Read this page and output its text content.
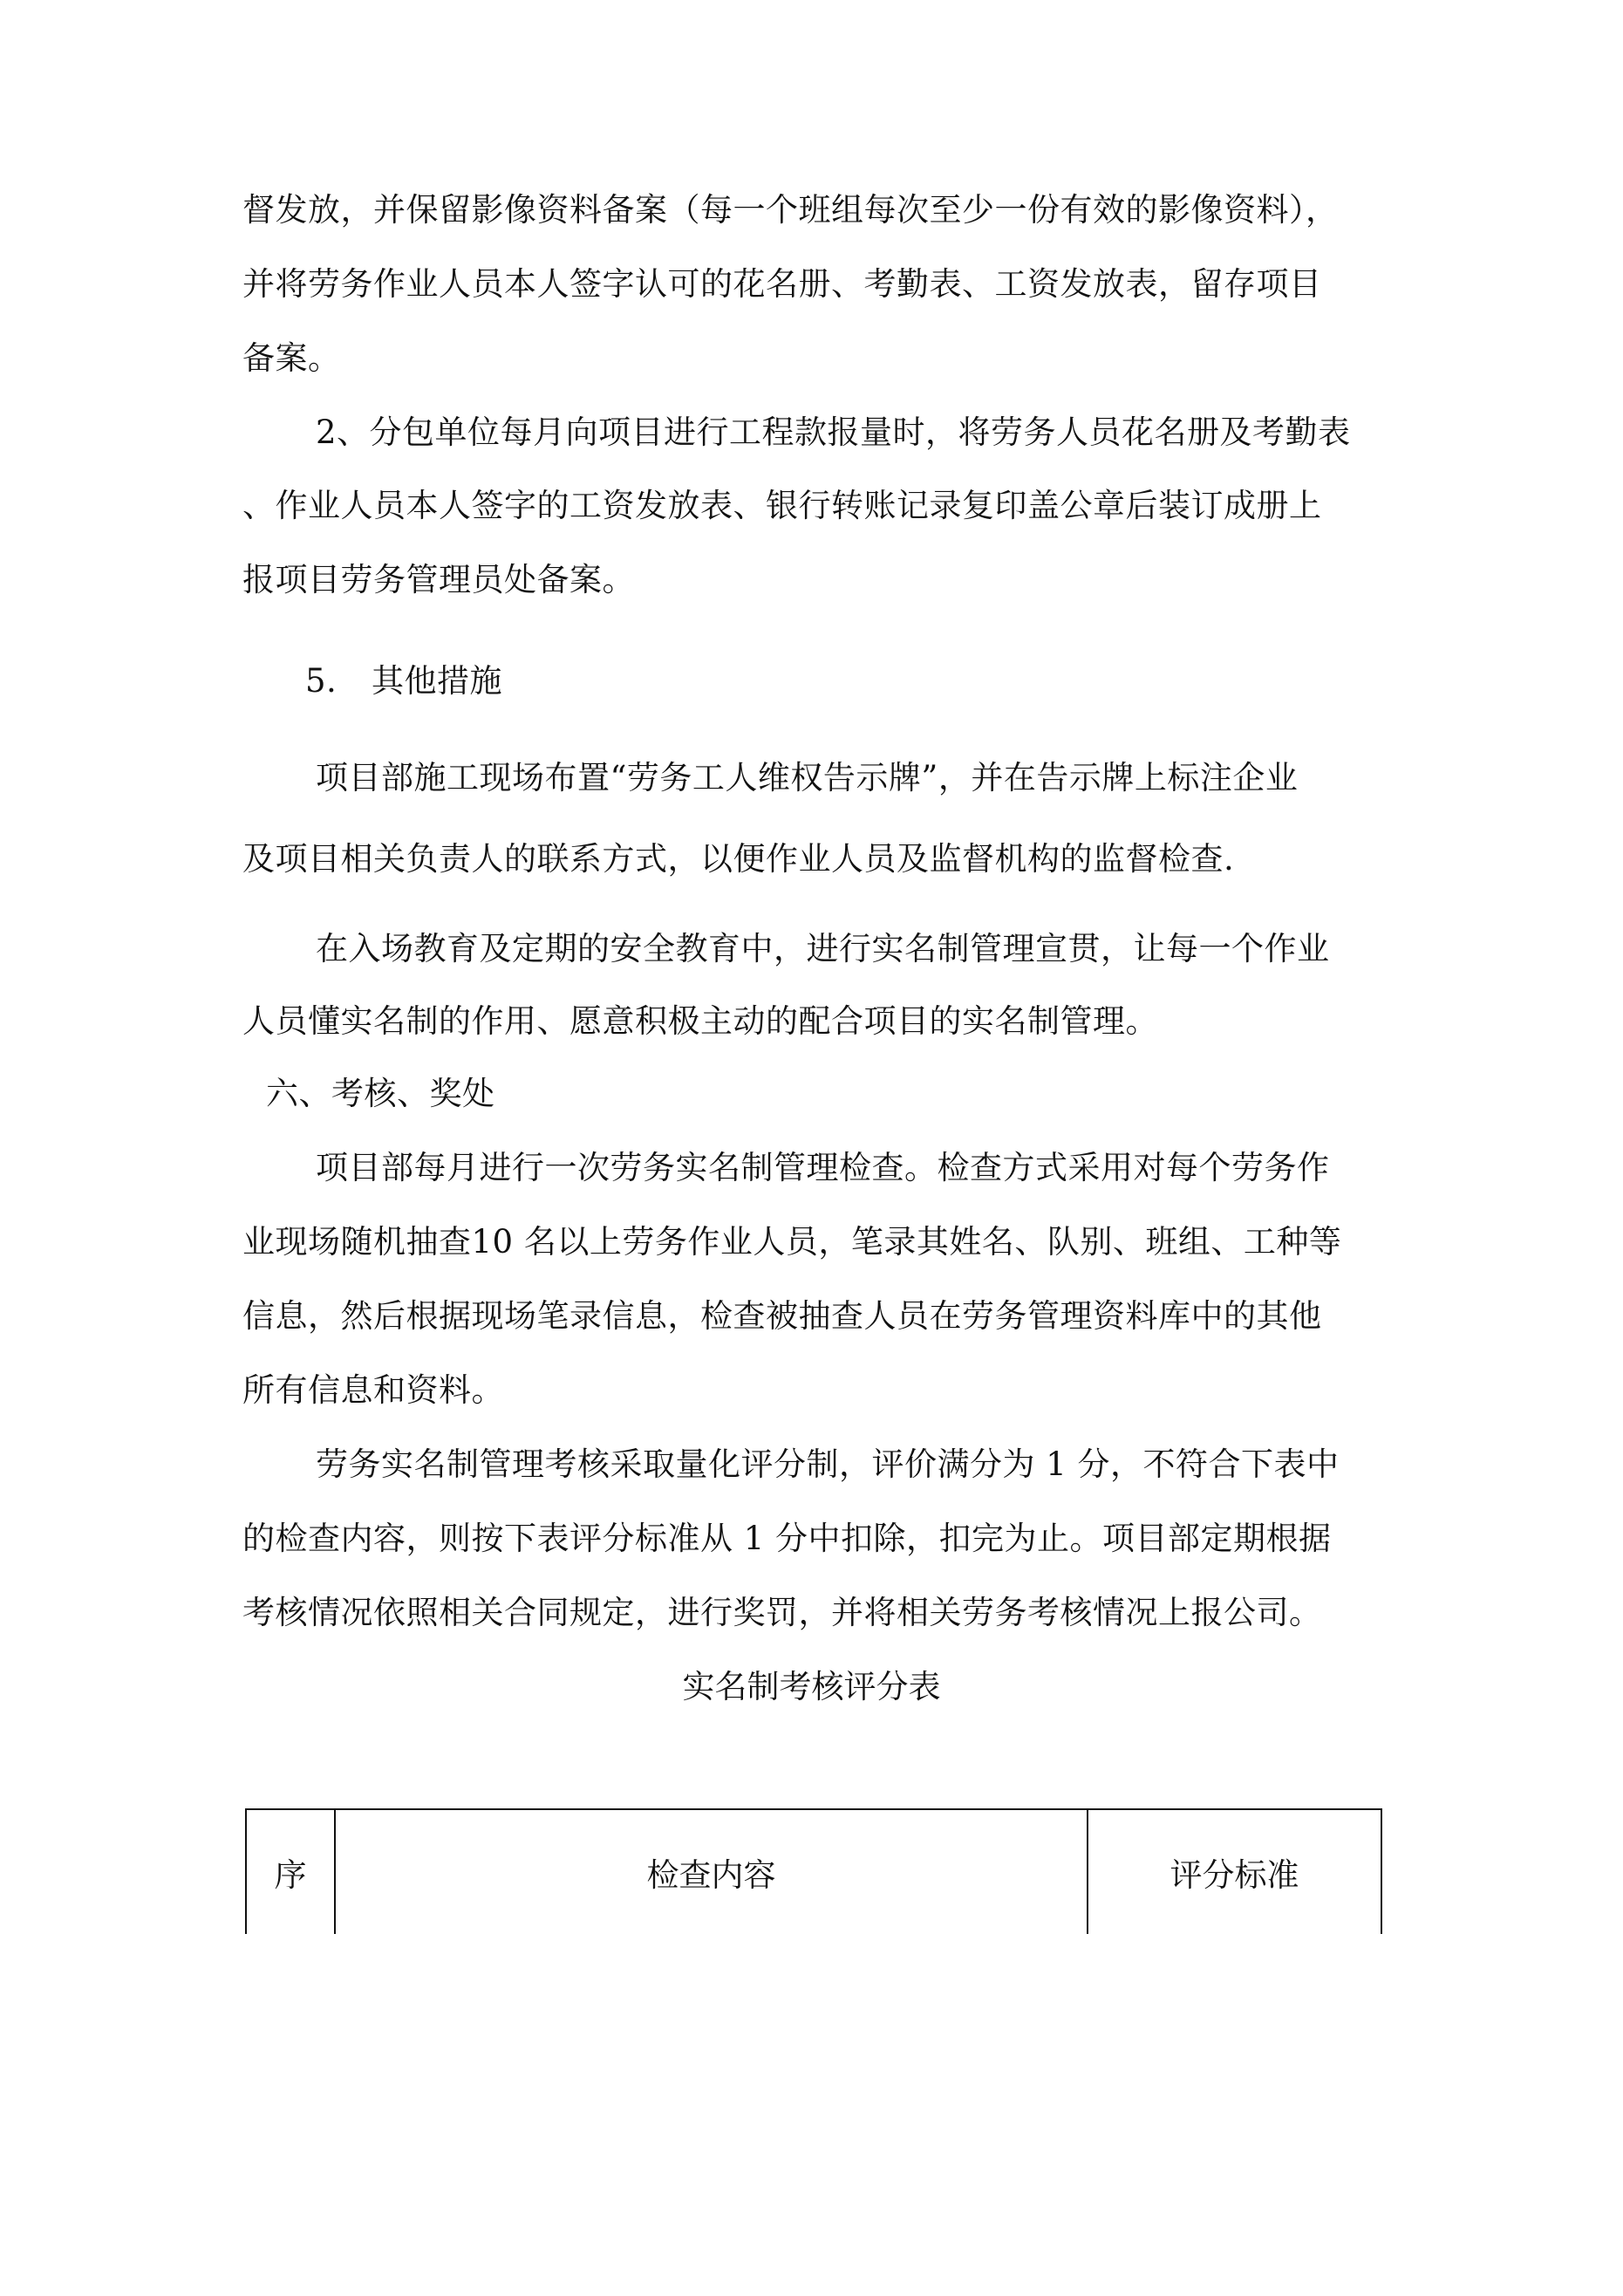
督发放，并保留影像资料备案（每一个班组每次至少一份有效的影像资料），
并将劳务作业人员本人签字认可的花名册、考勤表、工资发放表，留存项目
备案。
2、分包单位每月向项目进行工程款报量时，将劳务人员花名册及考勤表
、作业人员本人签字的工资发放表、银行转账记录复印盖公章后装订成册上
报项目劳务管理员处备案。
5. 其他措施
项目部施工现场布置“劳务工人维权告示牌”，并在告示牌上标注企业
及项目相关负责人的联系方式，以便作业人员及监督机构的监督检查.
在入场教育及定期的安全教育中，进行实名制管理宣贯，让每一个作业
人员懂实名制的作用、愿意积极主动的配合项目的实名制管理。
六、考核、奖处
项目部每月进行一次劳务实名制管理检查。检查方式采用对每个劳务作
业现场随机抽查10 名以上劳务作业人员，笔录其姓名、队别、班组、工种等
信息，然后根据现场笔录信息，检查被抽查人员在劳务管理资料库中的其他
所有信息和资料。
劳务实名制管理考核采取量化评分制，评价满分为 1 分，不符合下表中
的检查内容，则按下表评分标准从 1 分中扣除，扣完为止。项目部定期根据
考核情况依照相关合同规定，进行奖罚，并将相关劳务考核情况上报公司。
实名制考核评分表
序	检查内容	评分标准
